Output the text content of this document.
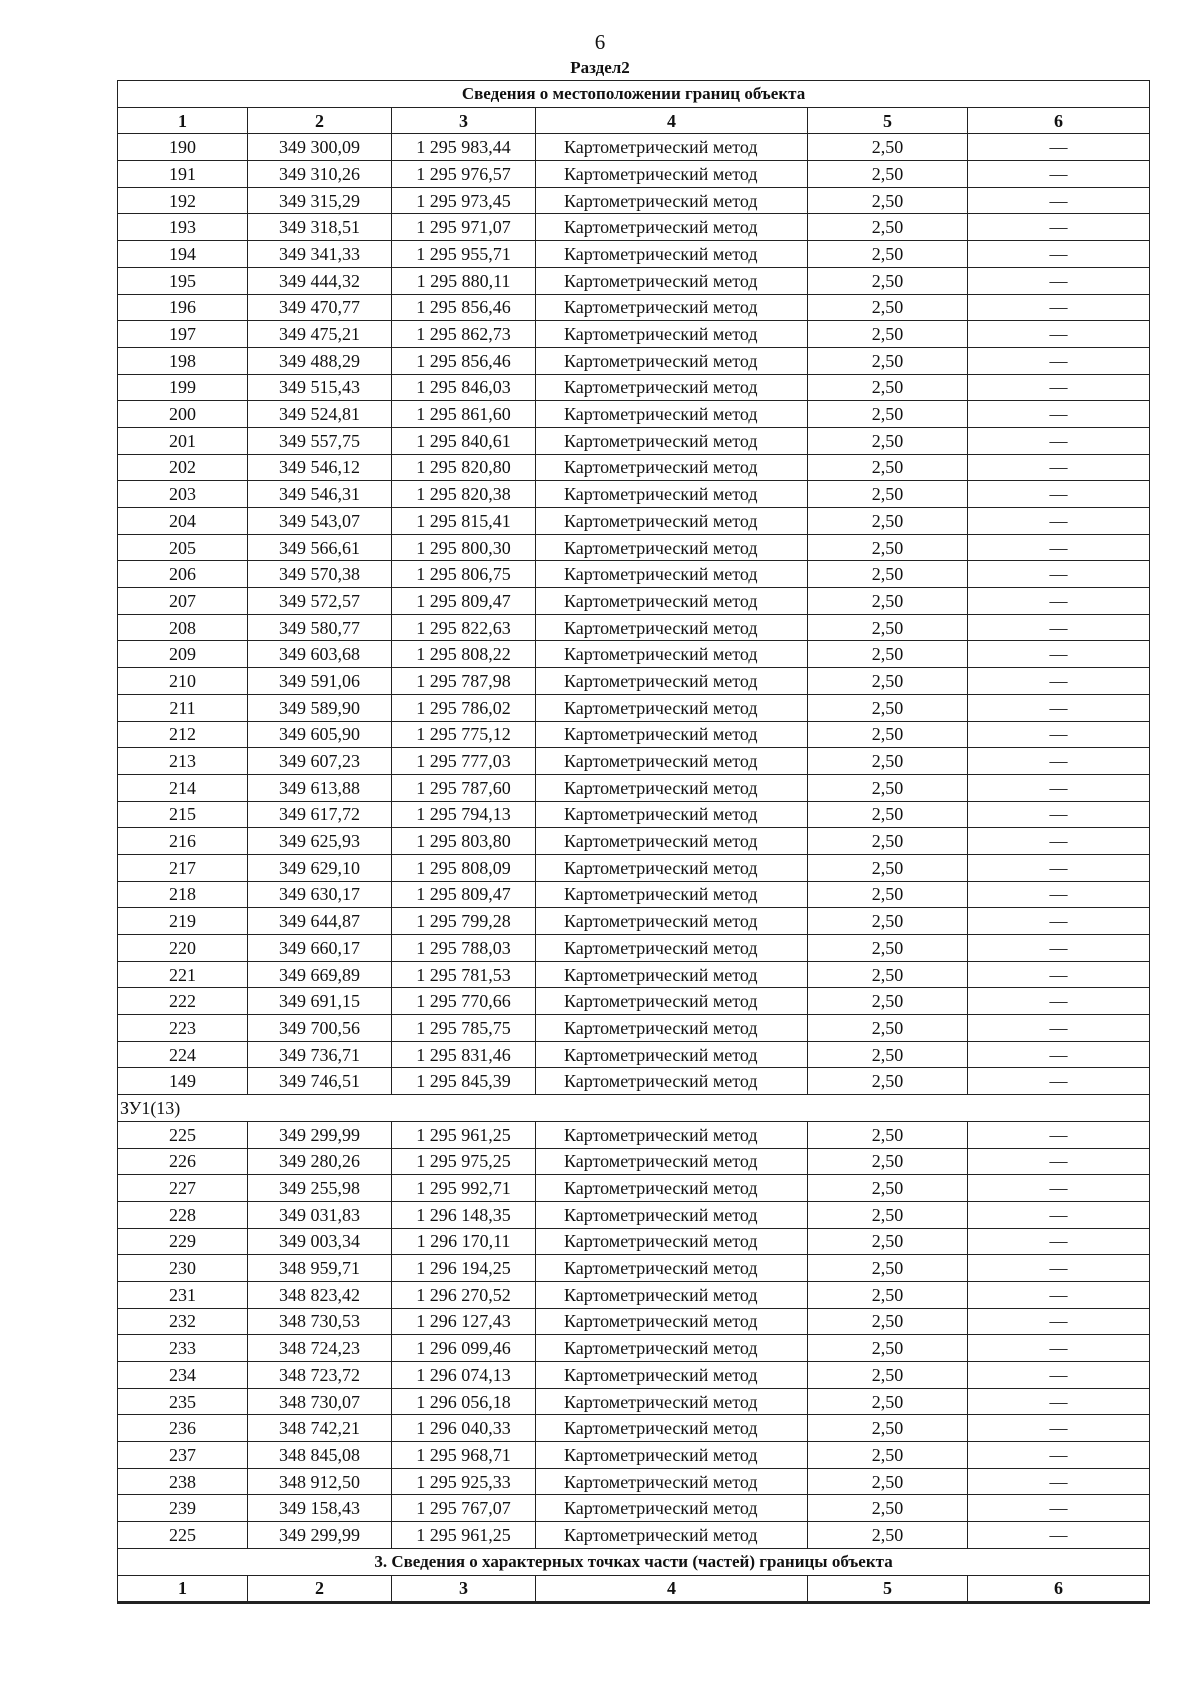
6
Раздел2
Сведения о местоположении границ объекта					
1	2	3	4	5	6
190	349 300,09	1 295 983,44	Картометрический метод	2,50	—
191	349 310,26	1 295 976,57	Картометрический метод	2,50	—
192	349 315,29	1 295 973,45	Картометрический метод	2,50	—
193	349 318,51	1 295 971,07	Картометрический метод	2,50	—
194	349 341,33	1 295 955,71	Картометрический метод	2,50	—
195	349 444,32	1 295 880,11	Картометрический метод	2,50	—
196	349 470,77	1 295 856,46	Картометрический метод	2,50	—
197	349 475,21	1 295 862,73	Картометрический метод	2,50	—
198	349 488,29	1 295 856,46	Картометрический метод	2,50	—
199	349 515,43	1 295 846,03	Картометрический метод	2,50	—
200	349 524,81	1 295 861,60	Картометрический метод	2,50	—
201	349 557,75	1 295 840,61	Картометрический метод	2,50	—
202	349 546,12	1 295 820,80	Картометрический метод	2,50	—
203	349 546,31	1 295 820,38	Картометрический метод	2,50	—
204	349 543,07	1 295 815,41	Картометрический метод	2,50	—
205	349 566,61	1 295 800,30	Картометрический метод	2,50	—
206	349 570,38	1 295 806,75	Картометрический метод	2,50	—
207	349 572,57	1 295 809,47	Картометрический метод	2,50	—
208	349 580,77	1 295 822,63	Картометрический метод	2,50	—
209	349 603,68	1 295 808,22	Картометрический метод	2,50	—
210	349 591,06	1 295 787,98	Картометрический метод	2,50	—
211	349 589,90	1 295 786,02	Картометрический метод	2,50	—
212	349 605,90	1 295 775,12	Картометрический метод	2,50	—
213	349 607,23	1 295 777,03	Картометрический метод	2,50	—
214	349 613,88	1 295 787,60	Картометрический метод	2,50	—
215	349 617,72	1 295 794,13	Картометрический метод	2,50	—
216	349 625,93	1 295 803,80	Картометрический метод	2,50	—
217	349 629,10	1 295 808,09	Картометрический метод	2,50	—
218	349 630,17	1 295 809,47	Картометрический метод	2,50	—
219	349 644,87	1 295 799,28	Картометрический метод	2,50	—
220	349 660,17	1 295 788,03	Картометрический метод	2,50	—
221	349 669,89	1 295 781,53	Картометрический метод	2,50	—
222	349 691,15	1 295 770,66	Картометрический метод	2,50	—
223	349 700,56	1 295 785,75	Картометрический метод	2,50	—
224	349 736,71	1 295 831,46	Картометрический метод	2,50	—
149	349 746,51	1 295 845,39	Картометрический метод	2,50	—
ЗУ1(13)					
225	349 299,99	1 295 961,25	Картометрический метод	2,50	—
226	349 280,26	1 295 975,25	Картометрический метод	2,50	—
227	349 255,98	1 295 992,71	Картометрический метод	2,50	—
228	349 031,83	1 296 148,35	Картометрический метод	2,50	—
229	349 003,34	1 296 170,11	Картометрический метод	2,50	—
230	348 959,71	1 296 194,25	Картометрический метод	2,50	—
231	348 823,42	1 296 270,52	Картометрический метод	2,50	—
232	348 730,53	1 296 127,43	Картометрический метод	2,50	—
233	348 724,23	1 296 099,46	Картометрический метод	2,50	—
234	348 723,72	1 296 074,13	Картометрический метод	2,50	—
235	348 730,07	1 296 056,18	Картометрический метод	2,50	—
236	348 742,21	1 296 040,33	Картометрический метод	2,50	—
237	348 845,08	1 295 968,71	Картометрический метод	2,50	—
238	348 912,50	1 295 925,33	Картометрический метод	2,50	—
239	349 158,43	1 295 767,07	Картометрический метод	2,50	—
225	349 299,99	1 295 961,25	Картометрический метод	2,50	—
3. Сведения о характерных точках части (частей) границы объекта					
1	2	3	4	5	6
